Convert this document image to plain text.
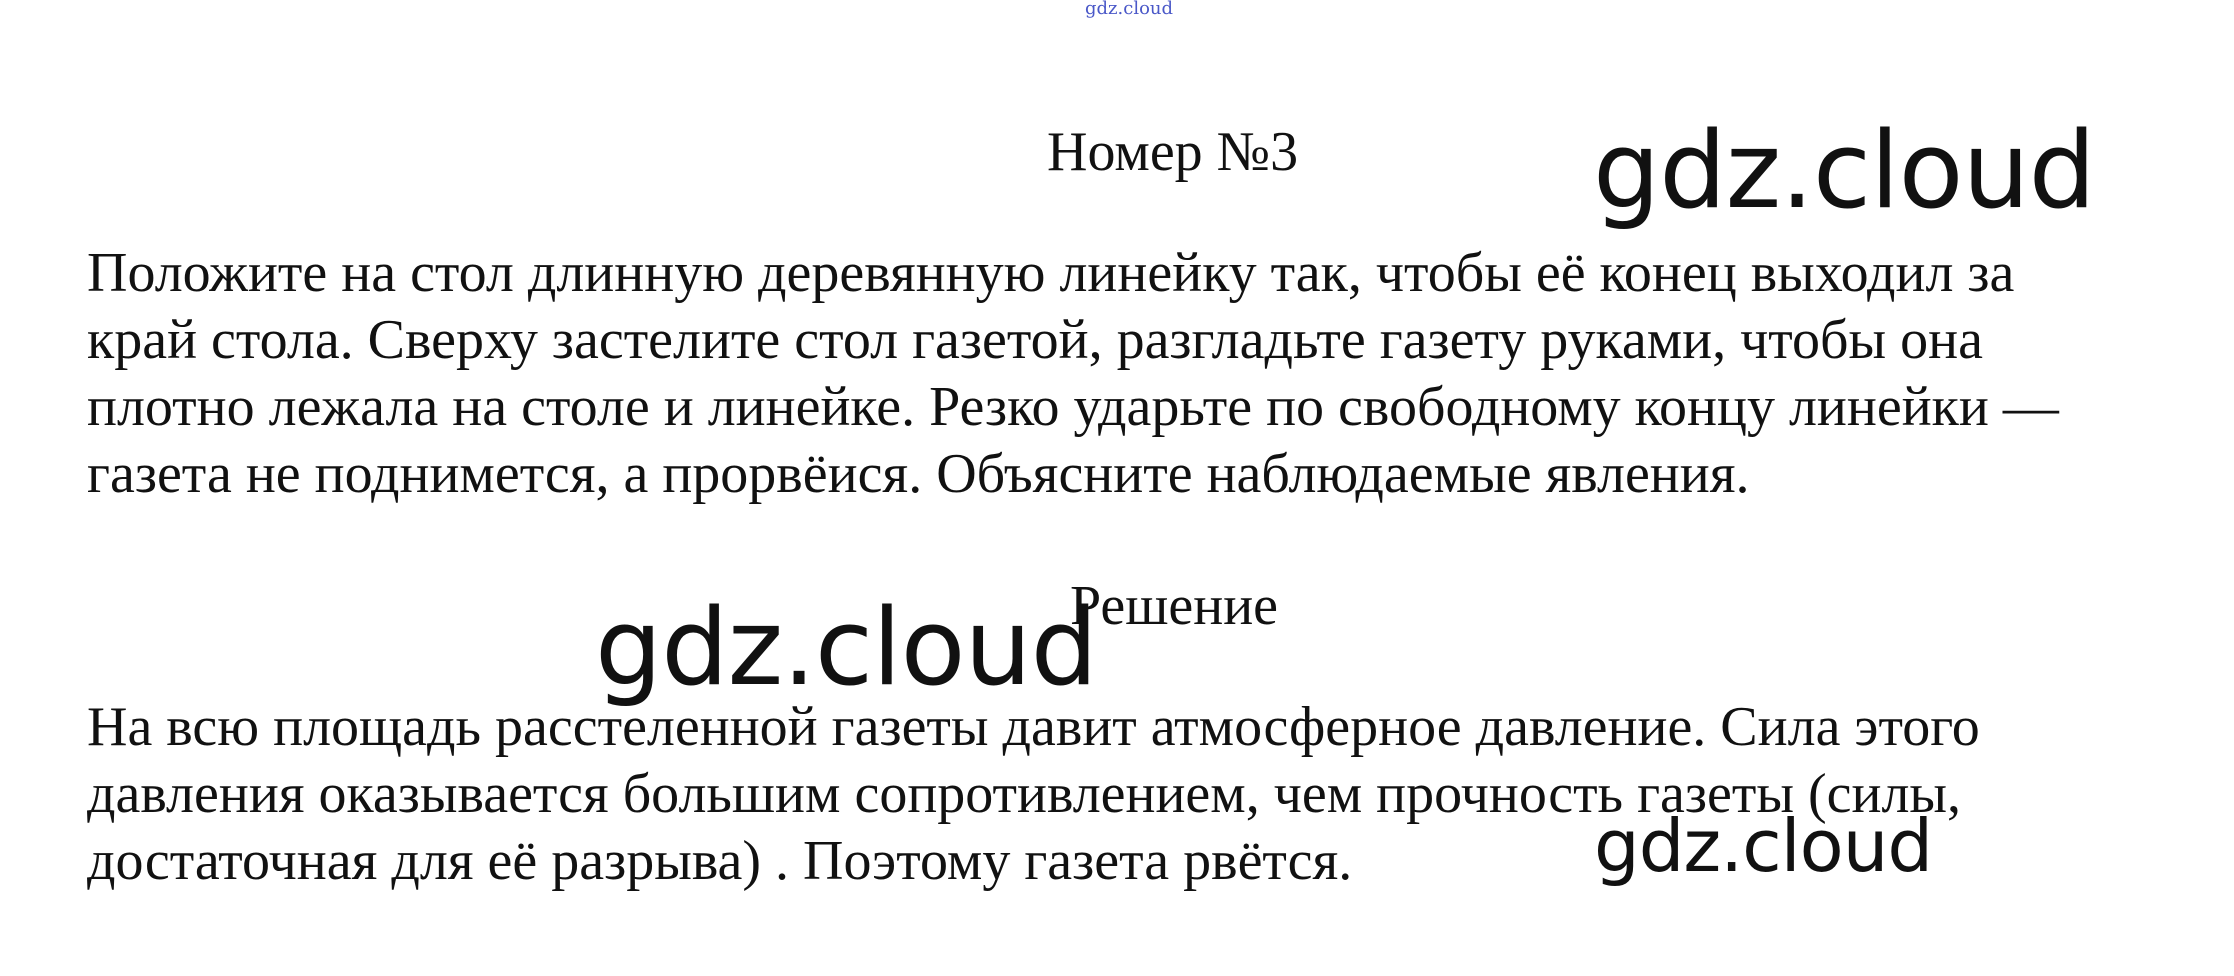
gdz.cloud
Номер №3
Положите на стол длинную деревянную линейку так, чтобы её конец выходил за
край стола. Сверху застелите стол газетой, разгладьте газету руками, чтобы она
плотно лежала на столе и линейке. Резко ударьте по свободному концу линейки —
газета не поднимется, а прорвёися. Объясните наблюдаемые явления.
Решение
На всю площадь расстеленной газеты давит атмосферное давление. Сила этого
давления оказывается большим сопротивлением, чем прочность газеты (силы,
достаточная для её разрыва) . Поэтому газета рвётся.
gdz.cloud
gdz.cloud
gdz.cloud
